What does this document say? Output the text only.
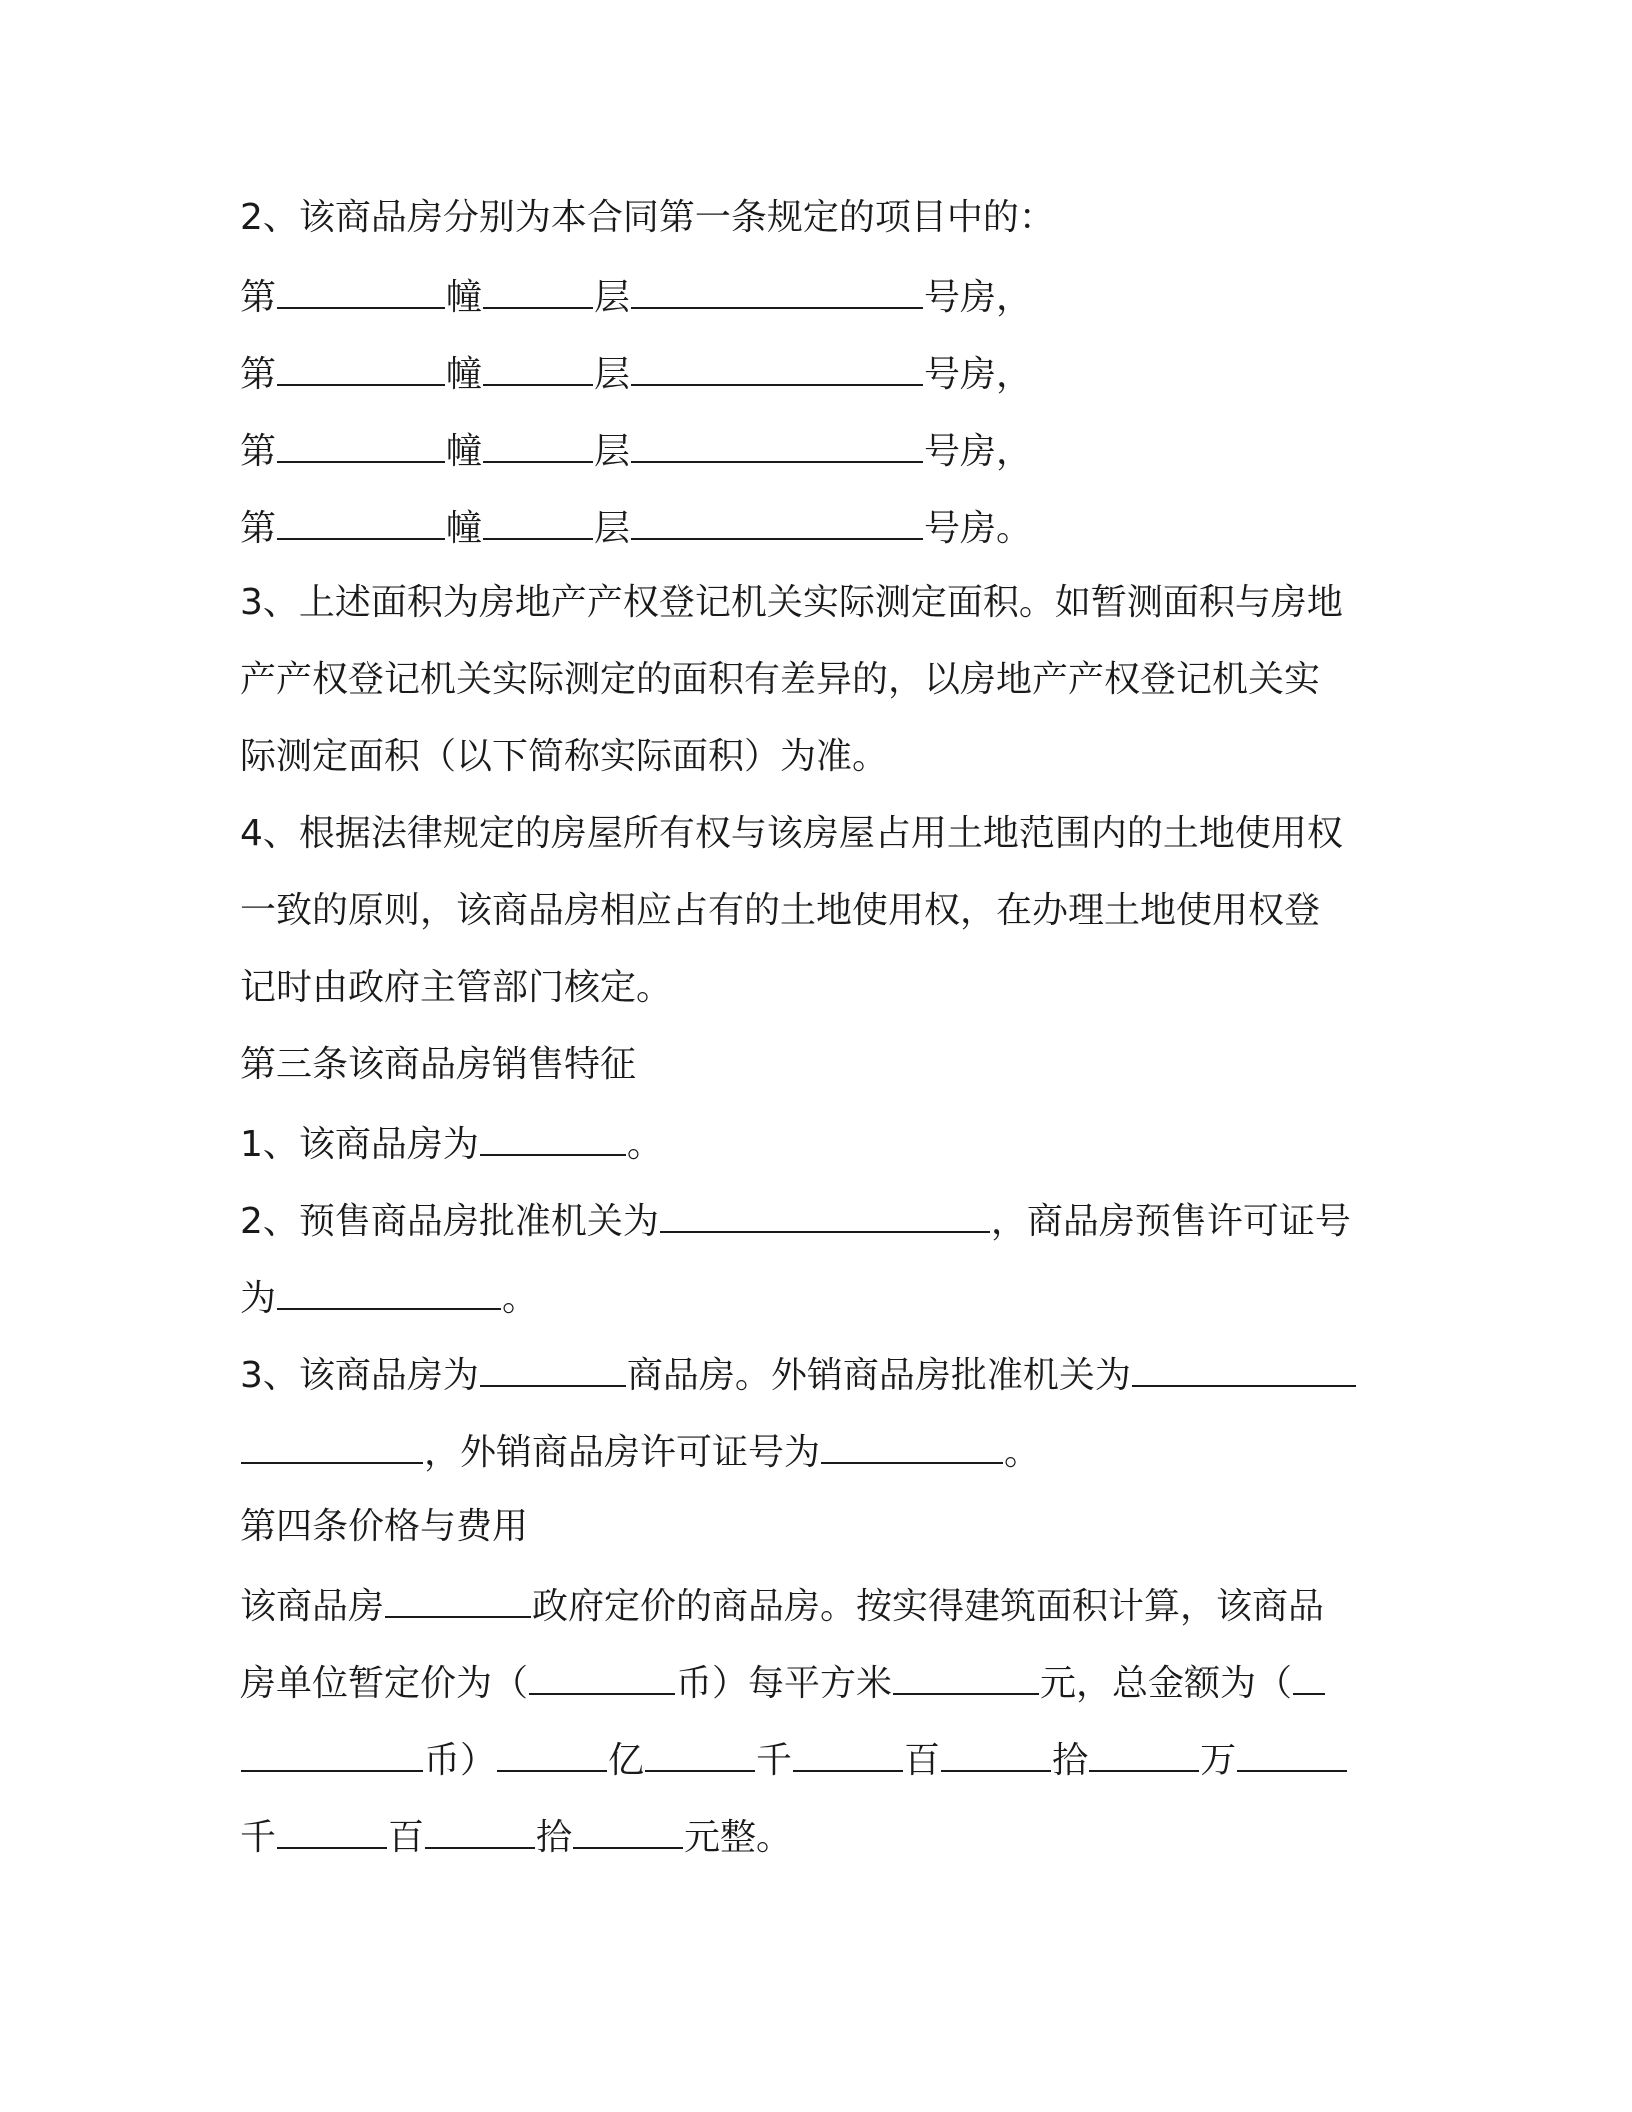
2、该商品房分别为本合同第一条规定的项目中的：
第	幢	层	号房，
第	幢	层	号房，
第	幢	层	号房，
第	幢	层	号房。
3、上述面积为房地产产权登记机关实际测定面积。如暂测面积与房地
产产权登记机关实际测定的面积有差异的，以房地产产权登记机关实
际测定面积（以下简称实际面积）为准。
4、根据法律规定的房屋所有权与该房屋占用土地范围内的土地使用权
一致的原则，该商品房相应占有的土地使用权，在办理土地使用权登
记时由政府主管部门核定。
第三条该商品房销售特征
1、该商品房为	。
2、预售商品房批准机关为	，商品房预售许可证号
为	。
3、该商品房为	商品房。外销商品房批准机关为
，外销商品房许可证号为	。
第四条价格与费用
该商品房	政府定价的商品房。按实得建筑面积计算，该商品
房单位暂定价为（	币）每平方米	元，总金额为（
币）	亿	千	百	拾	万
千	百	拾	元整。
